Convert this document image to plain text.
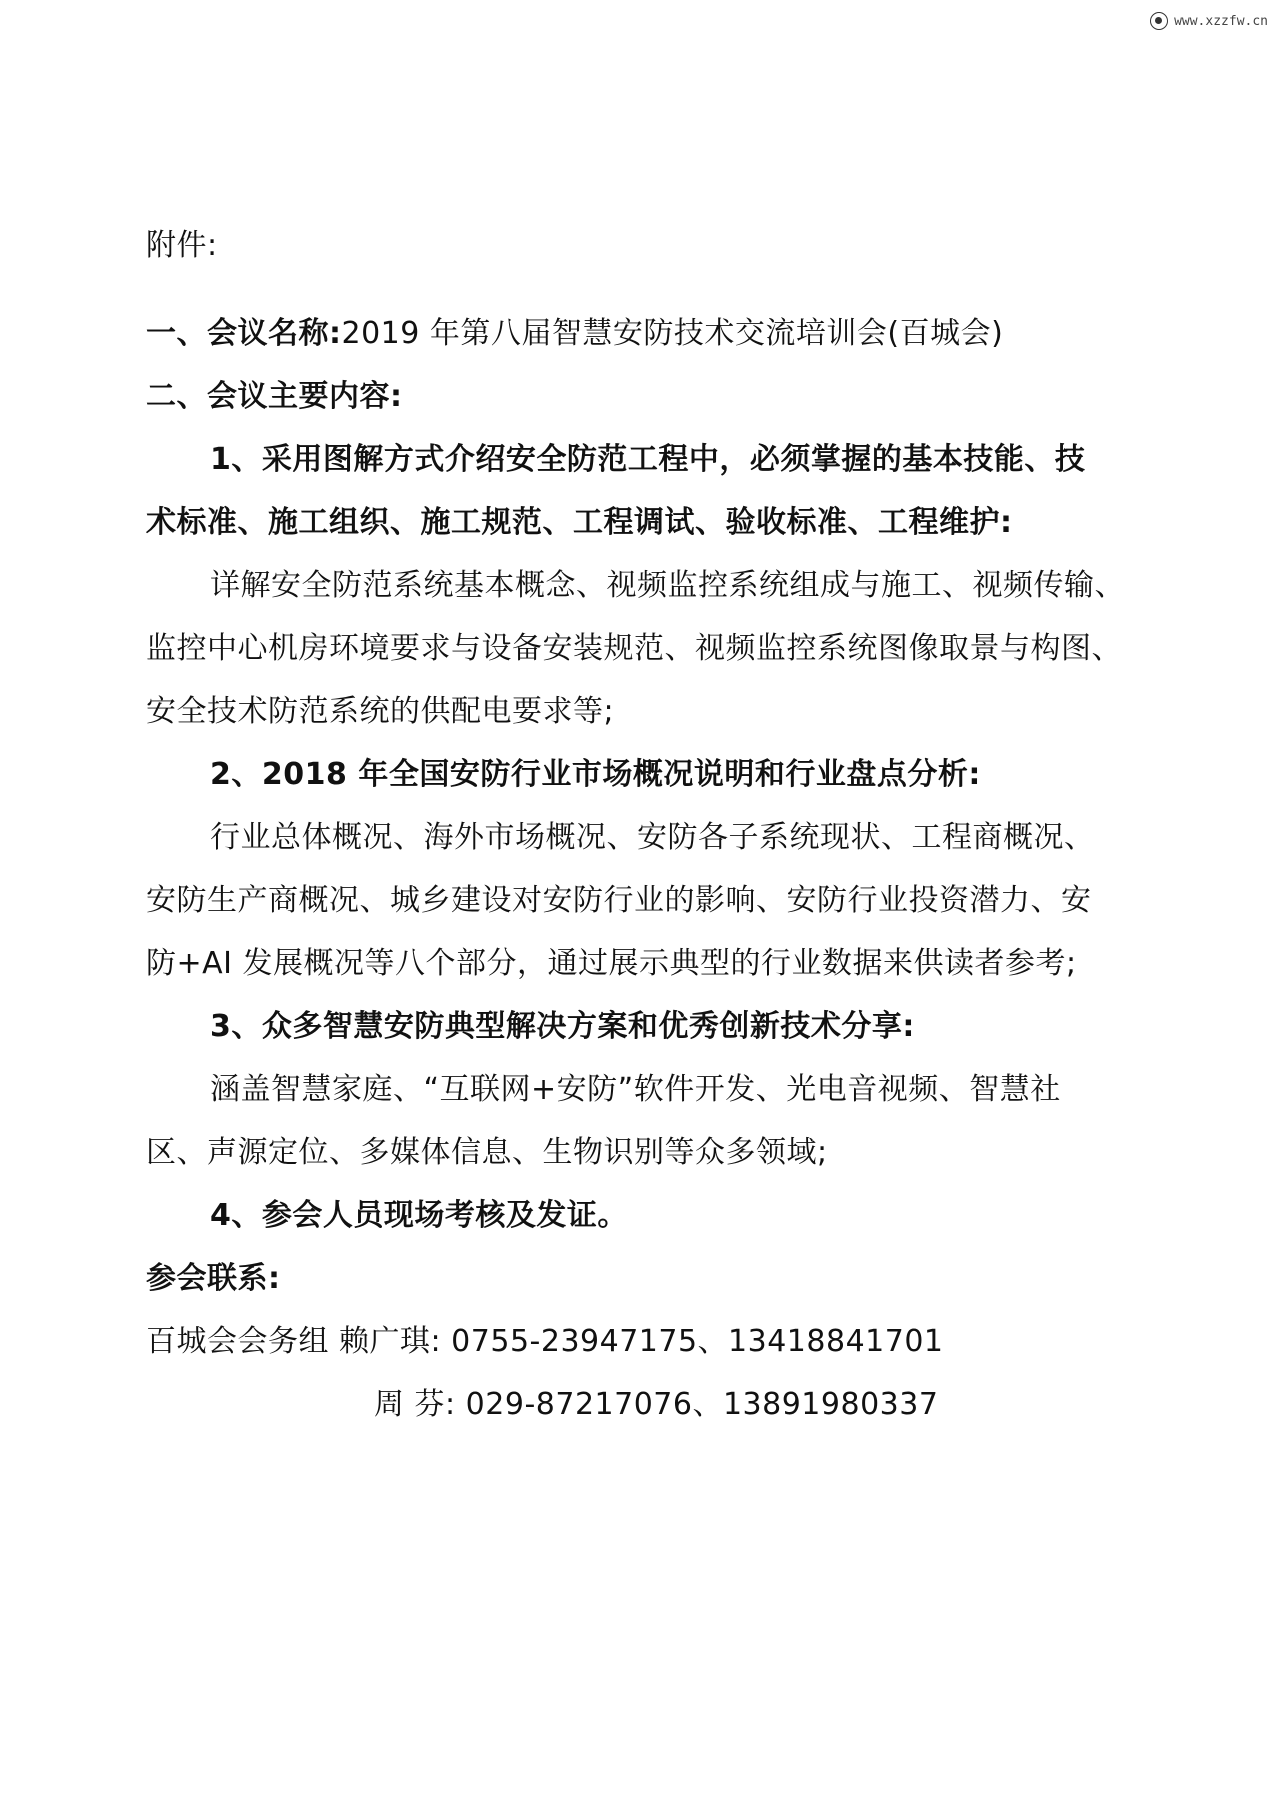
www.xzzfw.cn
附件:
一、会议名称:2019 年第八届智慧安防技术交流培训会(百城会)
二、会议主要内容:
1、采用图解方式介绍安全防范工程中，必须掌握的基本技能、技
术标准、施工组织、施工规范、工程调试、验收标准、工程维护:
详解安全防范系统基本概念、视频监控系统组成与施工、视频传输、
监控中心机房环境要求与设备安装规范、视频监控系统图像取景与构图、
安全技术防范系统的供配电要求等;
2、2018 年全国安防行业市场概况说明和行业盘点分析:
行业总体概况、海外市场概况、安防各子系统现状、工程商概况、
安防生产商概况、城乡建设对安防行业的影响、安防行业投资潜力、安
防+AI 发展概况等八个部分，通过展示典型的行业数据来供读者参考;
3、众多智慧安防典型解决方案和优秀创新技术分享:
涵盖智慧家庭、“互联网+安防”软件开发、光电音视频、智慧社
区、声源定位、多媒体信息、生物识别等众多领域;
4、参会人员现场考核及发证。
参会联系:
百城会会务组 赖广琪: 0755-23947175、13418841701
周 芬: 029-87217076、13891980337
